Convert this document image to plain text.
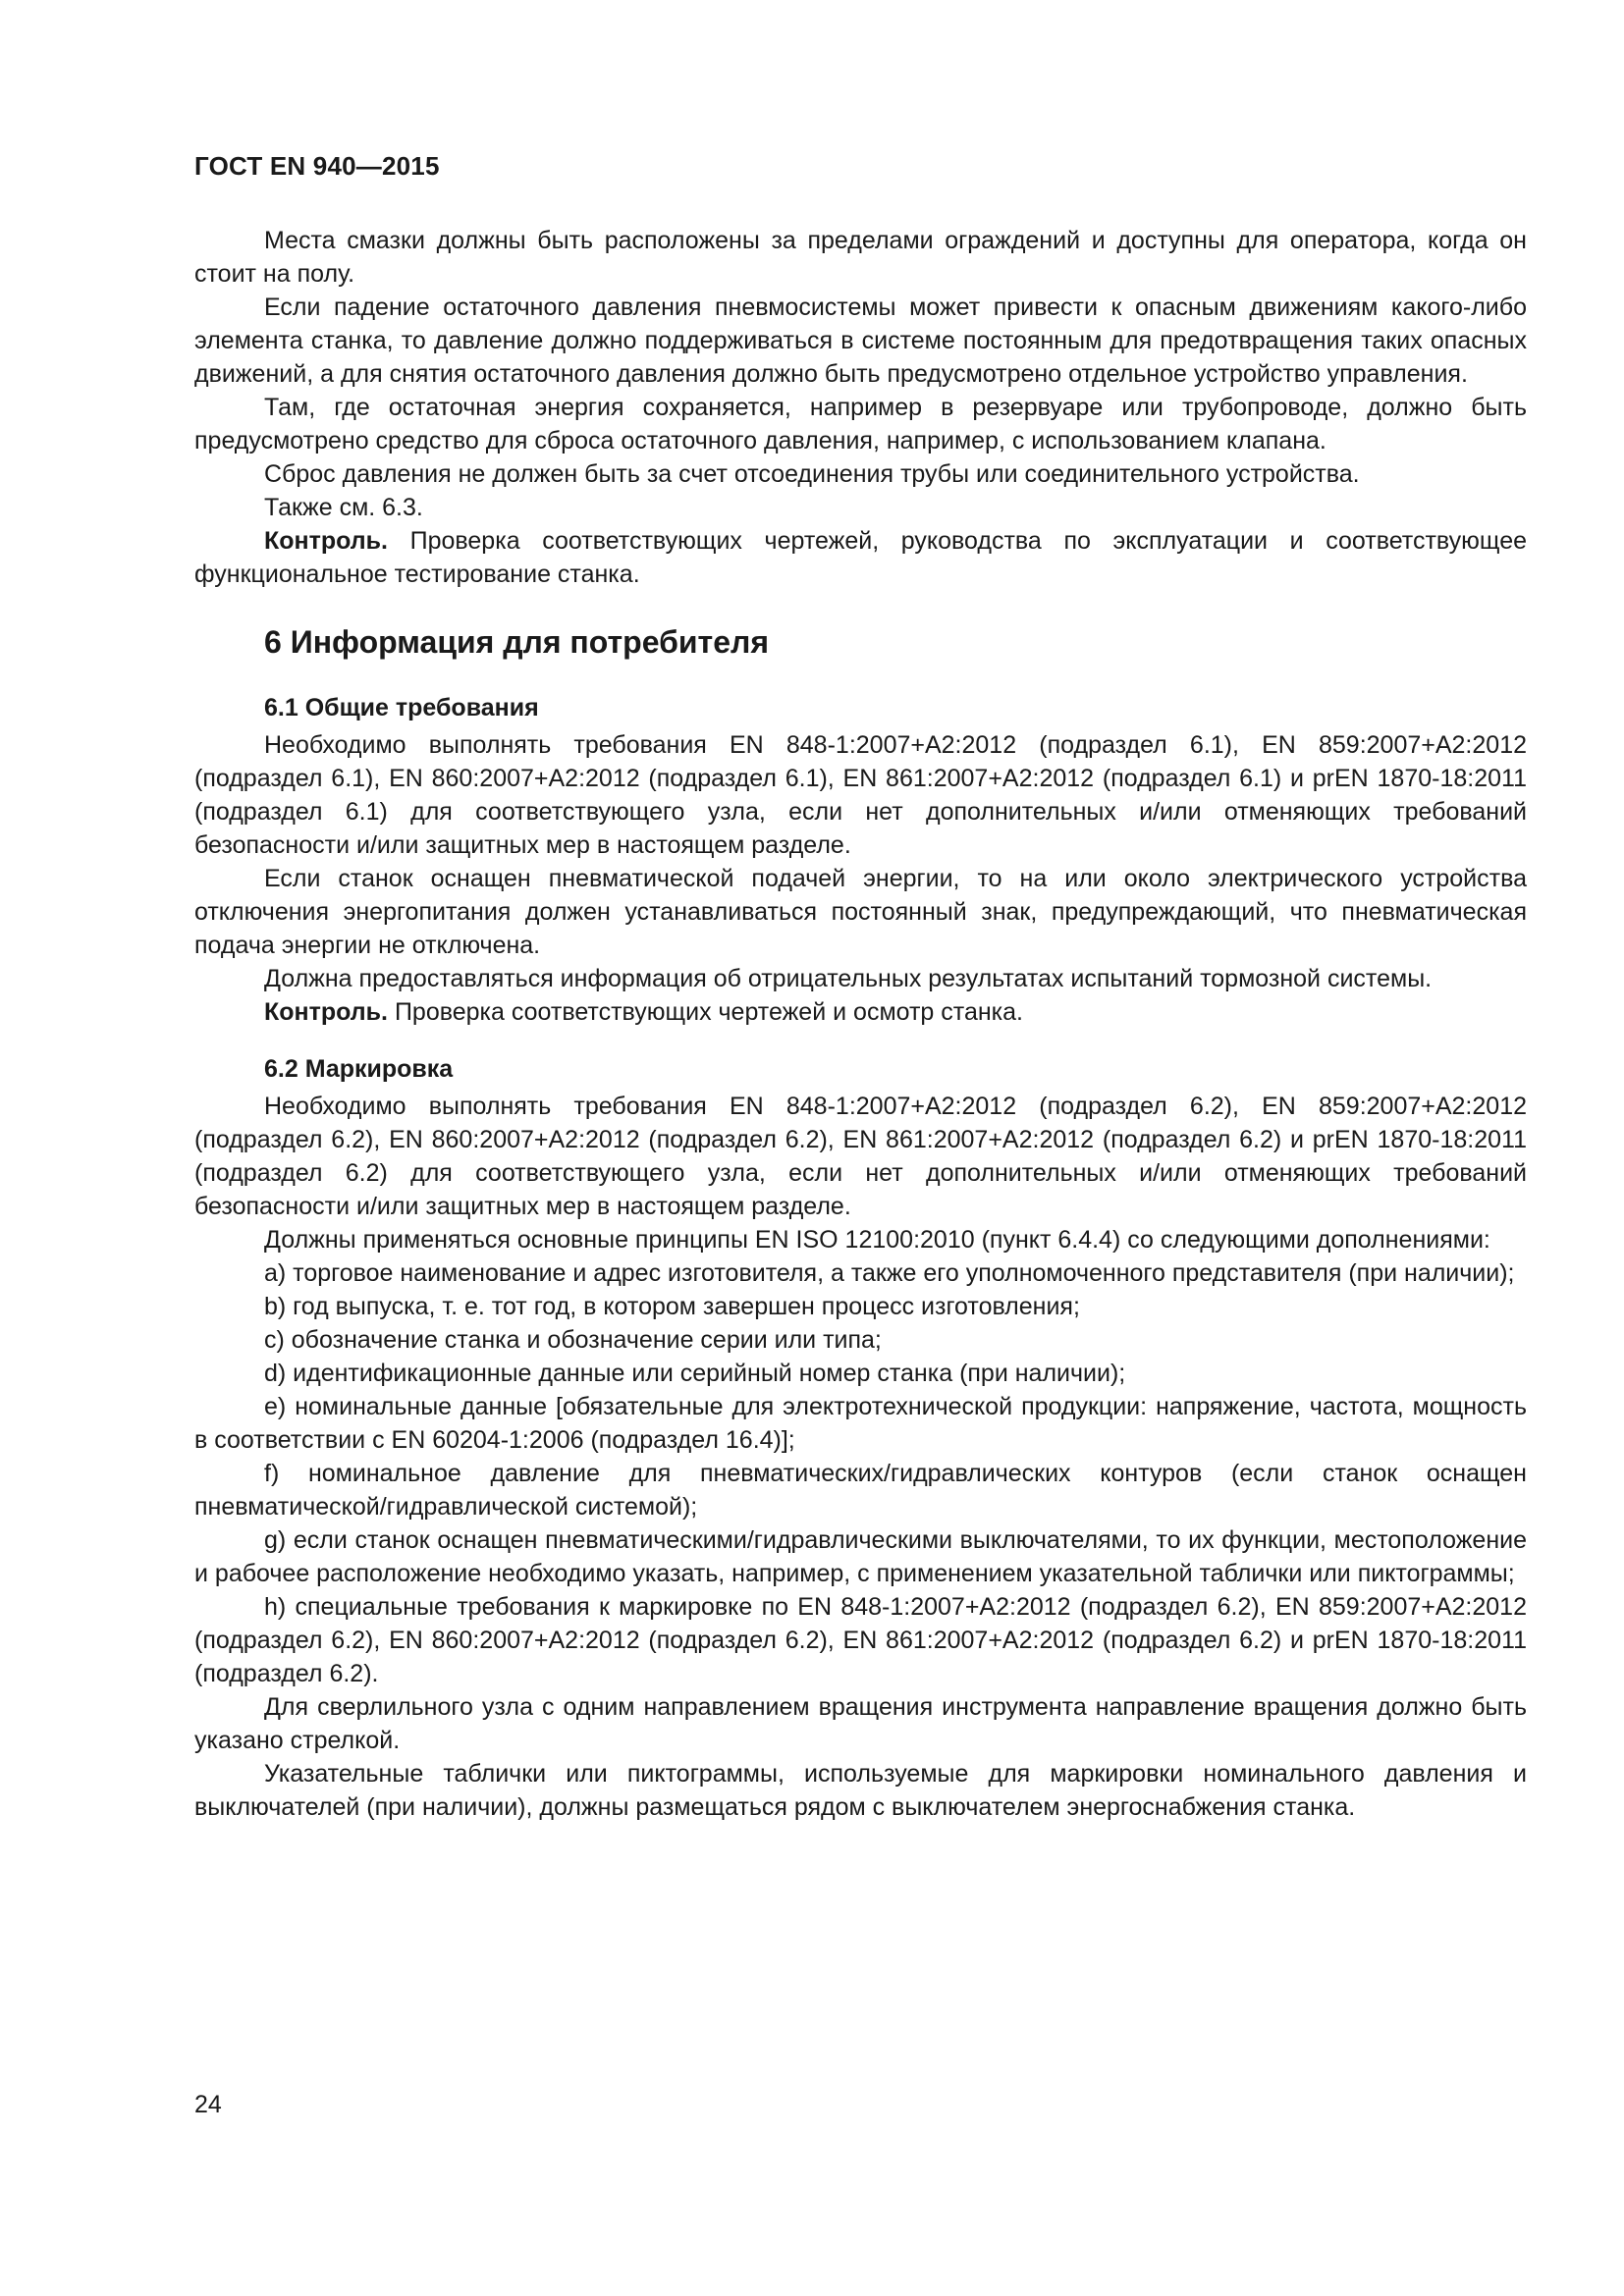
ГОСТ EN 940—2015

Места смазки должны быть расположены за пределами ограждений и доступны для оператора, когда он стоит на полу.

Если падение остаточного давления пневмосистемы может привести к опасным движениям какого-либо элемента станка, то давление должно поддерживаться в системе постоянным для предотвращения таких опасных движений, а для снятия остаточного давления должно быть предусмотрено отдельное устройство управления.

Там, где остаточная энергия сохраняется, например в резервуаре или трубопроводе, должно быть предусмотрено средство для сброса остаточного давления, например, с использованием клапана.

Сброс давления не должен быть за счет отсоединения трубы или соединительного устройства.

Также см. 6.3.

Контроль. Проверка соответствующих чертежей, руководства по эксплуатации и соответствующее функциональное тестирование станка.

6 Информация для потребителя
6.1 Общие требования

Необходимо выполнять требования EN 848-1:2007+A2:2012 (подраздел 6.1), EN 859:2007+A2:2012 (подраздел 6.1), EN 860:2007+A2:2012 (подраздел 6.1), EN 861:2007+A2:2012 (подраздел 6.1) и prEN 1870-18:2011 (подраздел 6.1) для соответствующего узла, если нет дополнительных и/или отменяющих требований безопасности и/или защитных мер в настоящем разделе.

Если станок оснащен пневматической подачей энергии, то на или около электрического устройства отключения энергопитания должен устанавливаться постоянный знак, предупреждающий, что пневматическая подача энергии не отключена.

Должна предоставляться информация об отрицательных результатах испытаний тормозной системы.

Контроль. Проверка соответствующих чертежей и осмотр станка.

6.2 Маркировка

Необходимо выполнять требования EN 848-1:2007+A2:2012 (подраздел 6.2), EN 859:2007+A2:2012 (подраздел 6.2), EN 860:2007+A2:2012 (подраздел 6.2), EN 861:2007+A2:2012 (подраздел 6.2) и prEN 1870-18:2011 (подраздел 6.2) для соответствующего узла, если нет дополнительных и/или отменяющих требований безопасности и/или защитных мер в настоящем разделе.

Должны применяться основные принципы EN ISO 12100:2010 (пункт 6.4.4) со следующими дополнениями:

а) торговое наименование и адрес изготовителя, а также его уполномоченного представителя (при наличии);

b) год выпуска, т. е. тот год, в котором завершен процесс изготовления;

с) обозначение станка и обозначение серии или типа;

d) идентификационные данные или серийный номер станка (при наличии);

е) номинальные данные [обязательные для электротехнической продукции: напряжение, частота, мощность в соответствии с EN 60204-1:2006 (подраздел 16.4)];

f) номинальное давление для пневматических/гидравлических контуров (если станок оснащен пневматической/гидравлической системой);

g) если станок оснащен пневматическими/гидравлическими выключателями, то их функции, местоположение и рабочее расположение необходимо указать, например, с применением указательной таблички или пиктограммы;

h) специальные требования к маркировке по EN 848-1:2007+A2:2012 (подраздел 6.2), EN 859:2007+A2:2012 (подраздел 6.2), EN 860:2007+A2:2012 (подраздел 6.2), EN 861:2007+A2:2012 (подраздел 6.2) и prEN 1870-18:2011 (подраздел 6.2).

Для сверлильного узла с одним направлением вращения инструмента направление вращения должно быть указано стрелкой.

Указательные таблички или пиктограммы, используемые для маркировки номинального давления и выключателей (при наличии), должны размещаться рядом с выключателем энергоснабжения станка.

24
